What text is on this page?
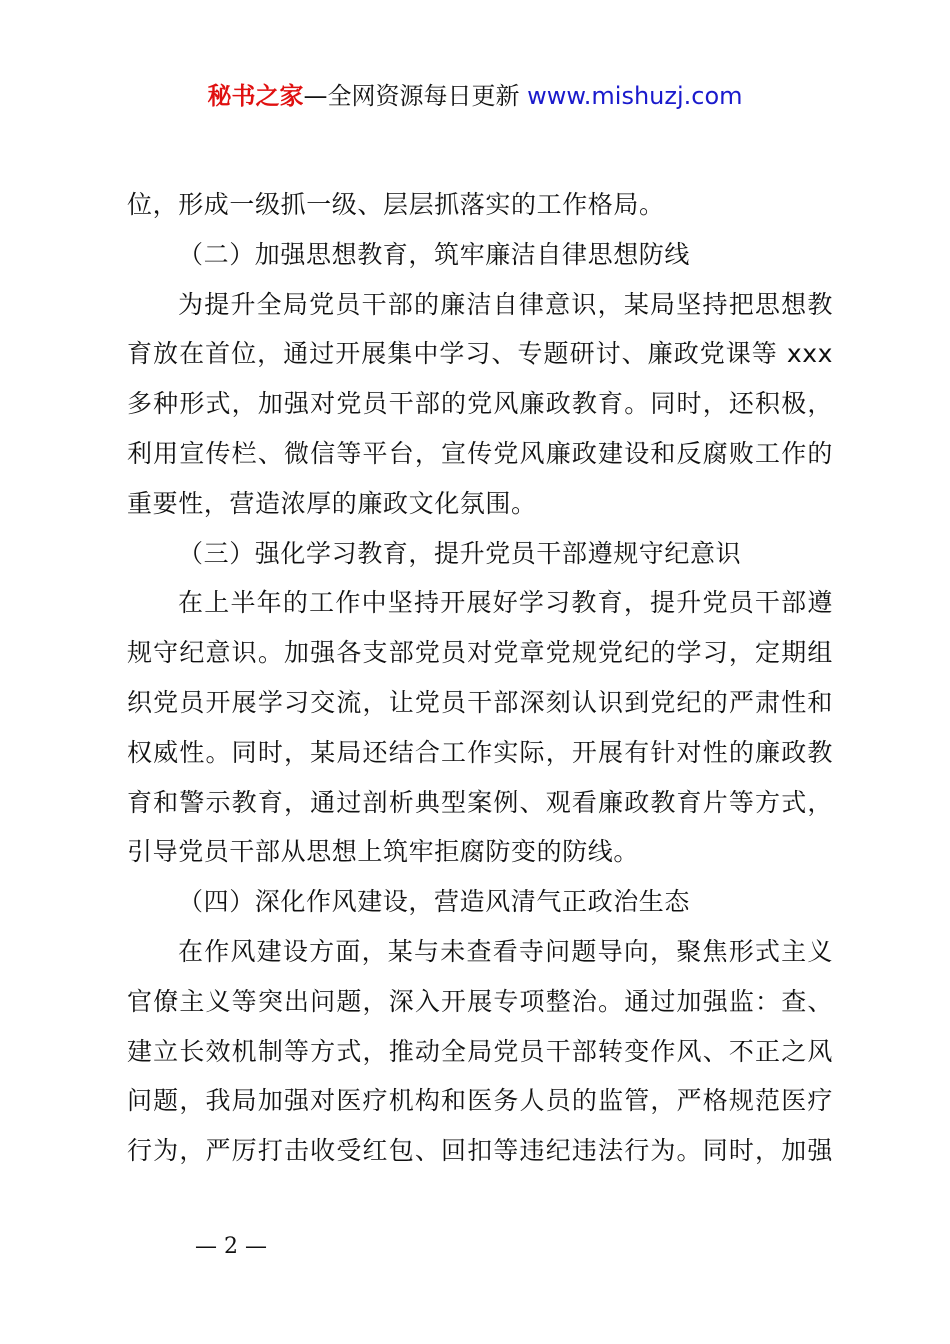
秘书之家—全网资源每日更新 www.mishuzj.com
位，形成一级抓一级、层层抓落实的工作格局。
（二）加强思想教育，筑牢廉洁自律思想防线
为提升全局党员干部的廉洁自律意识，某局坚持把思想教
育放在首位，通过开展集中学习、专题研讨、廉政党课等 xxx
多种形式，加强对党员干部的党风廉政教育。同时，还积极，
利用宣传栏、微信等平台，宣传党风廉政建设和反腐败工作的
重要性，营造浓厚的廉政文化氛围。
（三）强化学习教育，提升党员干部遵规守纪意识
在上半年的工作中坚持开展好学习教育，提升党员干部遵
规守纪意识。加强各支部党员对党章党规党纪的学习，定期组
织党员开展学习交流，让党员干部深刻认识到党纪的严肃性和
权威性。同时，某局还结合工作实际，开展有针对性的廉政教
育和警示教育，通过剖析典型案例、观看廉政教育片等方式，
引导党员干部从思想上筑牢拒腐防变的防线。
（四）深化作风建设，营造风清气正政治生态
在作风建设方面，某与未查看寺问题导向，聚焦形式主义
官僚主义等突出问题，深入开展专项整治。通过加强监：查、
建立长效机制等方式，推动全局党员干部转变作风、不正之风
问题，我局加强对医疗机构和医务人员的监管，严格规范医疗
行为，严厉打击收受红包、回扣等违纪违法行为。同时，加强
— 2 —
